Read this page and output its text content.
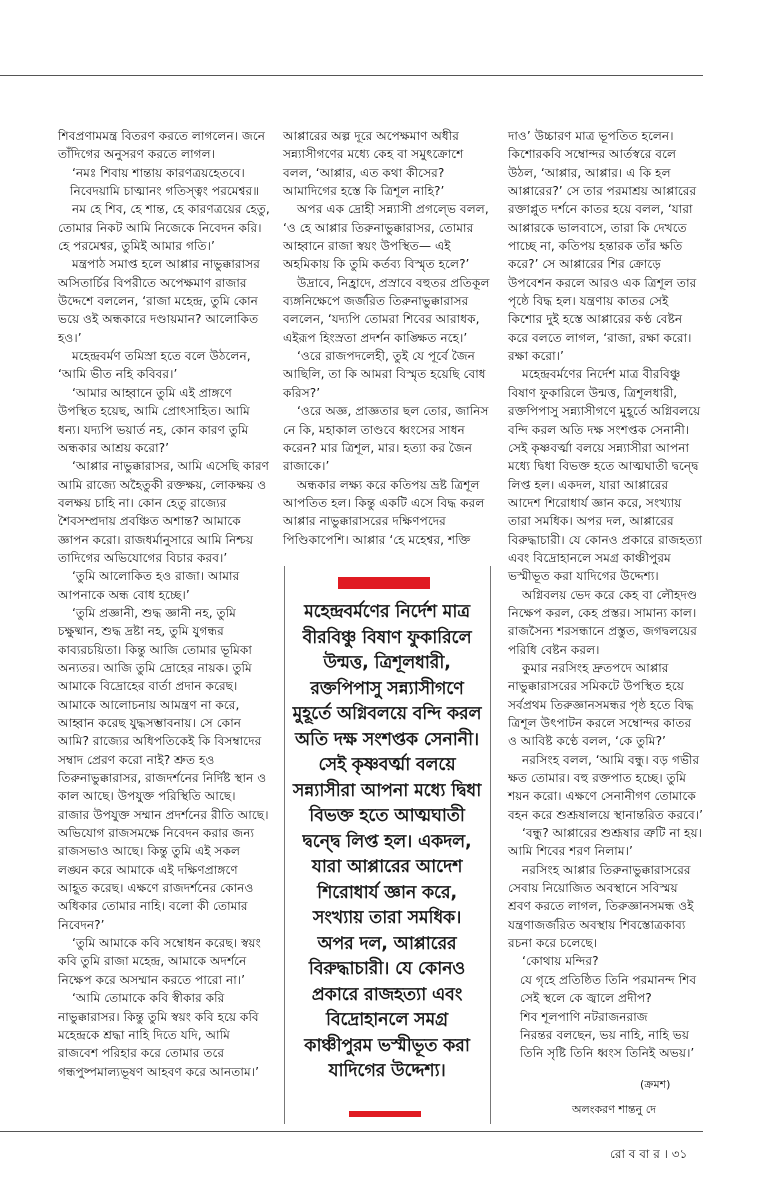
শিবপ্রণামমন্ত্র বিতরণ করতে লাগলেন। জনে তাঁদিগের অনুসরণ করতে লাগল।

‘নমঃ শিবায় শান্তায় কারণত্রয়হেতবে।

নিবেদয়ামি চাত্মানং গতিস্ত্বং পরমেশ্বর॥

নম হে শিব, হে শান্ত, হে কারণত্রয়ের হেতু, তোমার নিকট আমি নিজেকে নিবেদন করি। হে পরমেশ্বর, তুমিই আমার গতি।’

মন্ত্রপাঠ সমাপ্ত হলে আপ্পার নাভুক্কারাসর অসিতার্চির বিপরীতে অপেক্ষমাণ রাজার উদ্দেশে বললেন, ‘রাজা মহেন্দ্র, তুমি কোন ভয়ে ওই অন্ধকারে দণ্ডায়মান? আলোকিত হও।’

মহেন্দ্রবর্মণ তমিস্রা হতে বলে উঠলেন, ‘আমি ভীত নহি কবিবর।’

‘আমার আহ্বানে তুমি এই প্রাঙ্গণে উপস্থিত হয়েছ, আমি প্রোৎসাহিত। আমি ধন্য। যদ্যপি ভয়ার্ত নহ, কোন কারণ তুমি অন্ধকার আশ্রয় করো?’

‘আপ্পার নাভুক্কারাসর, আমি এসেছি কারণ আমি রাজ্যে অহৈতুকী রক্তক্ষয়, লোকক্ষয় ও বলক্ষয় চাহি না। কোন হেতু রাজ্যের শৈবসম্প্রদায় প্রবঞ্চিত অশান্ত? আমাকে জ্ঞাপন করো। রাজধর্মানুসারে আমি নিশ্চয় তাদিগের অভিযোগের বিচার করব।’

‘তুমি আলোকিত হও রাজা। আমার আপনাকে অন্ধ বোধ হচ্ছে।’

‘তুমি প্রজ্ঞানী, শুদ্ধ জ্ঞানী নহ, তুমি চক্ষুষ্মান, শুদ্ধ দ্রষ্টা নহ, তুমি যুগন্ধর কাব্যরচয়িতা। কিন্তু আজি তোমার ভূমিকা অন্যতর। আজি তুমি দ্রোহের নায়ক। তুমি আমাকে বিদ্রোহের বার্তা প্রদান করেছ। আমাকে আলোচনায় আমন্ত্রণ না করে, আহ্বান করেছ যুদ্ধসম্ভাবনায়। সে কোন আমি? রাজ্যের অধিপতিকেই কি বিসম্বাদের সম্বাদ প্রেরণ করো নাই? শ্রুত হও তিরুনাভুক্কারাসর, রাজদর্শনের নির্দিষ্ট স্থান ও কাল আছে। উপযুক্ত পরিস্থিতি আছে। রাজার উপযুক্ত সম্মান প্রদর্শনের রীতি আছে। অভিযোগ রাজসমক্ষে নিবেদন করার জন্য রাজসভাও আছে। কিন্তু তুমি এই সকল লঙ্ঘন করে আমাকে এই দক্ষিণপ্রাঙ্গণে আহূত করেছ। এক্ষণে রাজদর্শনের কোনও অধিকার তোমার নাহি। বলো কী তোমার নিবেদন?’

‘তুমি আমাকে কবি সম্বোধন করেছ। স্বয়ং কবি তুমি রাজা মহেন্দ্র, আমাকে অদর্শনে নিক্ষেপ করে অসম্মান করতে পারো না।’

‘আমি তোমাকে কবি স্বীকার করি নাভুক্কারাসর। কিন্তু তুমি স্বয়ং কবি হয়ে কবি মহেন্দ্রকে শ্রদ্ধা নাহি দিতে যদি, আমি রাজবেশ পরিহার করে তোমার তরে গন্ধপুষ্পমাল্যভূষণ আহবণ করে আনতাম।’

আপ্পারের অল্প দূরে অপেক্ষমাণ অধীর সন্ন্যাসীগণের মধ্যে কেহ বা সমুৎক্রোশে বলল, ‘আপ্পার, এত কথা কীসের? আমাদিগের হস্তে কি ত্রিশূল নাহি?’

অপর এক দ্রোহী সন্ন্যাসী প্রগল্ভে বলল, ‘ও হে আপ্পার তিরুনাভুক্কারাসর, তোমার আহ্বানে রাজা স্বয়ং উপস্থিত— এই অহমিকায় কি তুমি কর্তব্য বিস্মৃত হলে?’

উদ্রাবে, নিহ্রাদে, প্রস্রাবে বহুতর প্রতিকূল ব্যঙ্গনিক্ষেপে জর্জরিত তিরুনাভুক্কারাসর বললেন, ‘যদ্যপি তোমরা শিবের আরাধক, এইরূপ হিংস্রতা প্রদর্শন কাঙ্ক্ষিত নহে।’

‘ওরে রাজপদলেহী, তুই যে পূর্বে জৈন আছিলি, তা কি আমরা বিস্মৃত হয়েছি বোধ করিস?’

‘ওরে অজ্ঞ, প্রাজ্ঞতার ছল তোর, জানিস নে কি, মহাকাল তাণ্ডবে ধ্বংসের সাধন করেন? মার ত্রিশূল, মার। হত্যা কর জৈন রাজাকে।’

অন্ধকার লক্ষ্য করে কতিপয় ভ্রষ্ট ত্রিশূল আপতিত হল। কিন্তু একটি এসে বিদ্ধ করল আপ্পার নাভুক্কারাসরের দক্ষিণপদের পিণ্ডিকাপেশি। আপ্পার ‘হে মহেশ্বর, শক্তি

মহেন্দ্রবর্মণের নির্দেশ মাত্র বীরবিঞ্চু বিষাণ ফুকারিলে উন্মত্ত, ত্রিশূলধারী, রক্তপিপাসু সন্ন্যাসীগণে মুহূর্তে অগ্নিবলয়ে বন্দি করল অতি দক্ষ সংশপ্তক সেনানী। সেই কৃষ্ণবর্ত্মা বলয়ে সন্ন্যাসীরা আপনা মধ্যে দ্বিধা বিভক্ত হতে আত্মঘাতী দ্বন্দ্বে লিপ্ত হল। একদল, যারা আপ্পারের আদেশ শিরোধার্য জ্ঞান করে, সংখ্যায় তারা সমধিক। অপর দল, আপ্পারের বিরুদ্ধাচারী। যে কোনও প্রকারে রাজহত্যা এবং বিদ্রোহানলে সমগ্র কাঞ্চীপুরম ভস্মীভূত করা যাদিগের উদ্দেশ্য।

দাও’ উচ্চারণ মাত্র ভূপতিত হলেন। কিশোরকবি সম্বোন্দর আর্তস্বরে বলে উঠল, ‘আপ্পার, আপ্পার। এ কি হল আপ্পারের?’ সে তার পরমাশ্রয় আপ্পারের রক্তাপ্লুত দর্শনে কাতর হয়ে বলল, ‘যারা আপ্পারকে ভালবাসে, তারা কি দেখতে পাচ্ছে না, কতিপয় হন্তারক তাঁর ক্ষতি করে?’ সে আপ্পারের শির ক্রোড়ে উপবেশন করলে আরও এক ত্রিশূল তার পৃষ্ঠে বিদ্ধ হল। যন্ত্রণায় কাতর সেই কিশোর দুই হস্তে আপ্পারের কণ্ঠ বেষ্টন করে বলতে লাগল, ‘রাজা, রক্ষা করো। রক্ষা করো।’

মহেন্দ্রবর্মণের নির্দেশ মাত্র বীরবিঞ্চু বিষাণ ফুকারিলে উন্মত্ত, ত্রিশূলধারী, রক্তপিপাসু সন্ন্যাসীগণে মুহূর্তে অগ্নিবলয়ে বন্দি করল অতি দক্ষ সংশপ্তক সেনানী। সেই কৃষ্ণবর্ত্মা বলয়ে সন্ন্যাসীরা আপনা মধ্যে দ্বিধা বিভক্ত হতে আত্মঘাতী দ্বন্দ্বে লিপ্ত হল। একদল, যারা আপ্পারের আদেশ শিরোধার্য জ্ঞান করে, সংখ্যায় তারা সমধিক। অপর দল, আপ্পারের বিরুদ্ধাচারী। যে কোনও প্রকারে রাজহত্যা এবং বিদ্রোহানলে সমগ্র কাঞ্চীপুরম ভস্মীভূত করা যাদিগের উদ্দেশ্য।

অগ্নিবলয় ভেদ করে কেহ বা লৌহদণ্ড নিক্ষেপ করল, কেহ প্রস্তর। সামান্য কাল। রাজসৈন্য শরসন্ধানে প্রস্তুত, জগদ্বলয়ের পরিধি বেষ্টন করল।

কুমার নরসিংহ দ্রুতপদে আপ্পার নাভুক্কারাসরের সমিকটে উপস্থিত হয়ে সর্বপ্রথম তিরুজ্ঞানসমন্ধর পৃষ্ঠ হতে বিদ্ধ ত্রিশূল উৎপাটন করলে সম্বোন্দর কাতর ও আবিষ্ট কণ্ঠে বলল, ‘কে তুমি?’

নরসিংহ বলল, ‘আমি বন্ধু। বড় গভীর ক্ষত তোমার। বহু রক্তপাত হচ্ছে। তুমি শয়ন করো। এক্ষণে সেনানীগণ তোমাকে বহন করে শুশ্রূষালয়ে স্থানান্তরিত করবে।’

‘বন্ধু? আপ্পারের শুশ্রূষার ত্রুটি না হয়। আমি শিবের শরণ নিলাম।’

নরসিংহ আপ্পার তিরুনাভুক্কারাসরের সেবায় নিয়োজিত অবস্থানে সবিস্ময় শ্রবণ করতে লাগল, তিরুজ্ঞানসমন্ধ ওই যন্ত্রণাজর্জরিত অবস্থায় শিবস্তোত্রকাব্য রচনা করে চলেছে।

‘কোথায় মন্দির?

যে গৃহে প্রতিষ্ঠিত তিনি পরমানন্দ শিব

সেই স্থলে কে জ্বালে প্রদীপ?

শিব শূলপাণি নটরাজনরাজ

নিরন্তর বলছেন, ভয় নাহি, নাহি ভয়

তিনি সৃষ্টি তিনি ধ্বংস তিনিই অভয়।’

(ক্রমশ)
অলংকরণ শান্তনু দে
রো ব বা র । ৩১
